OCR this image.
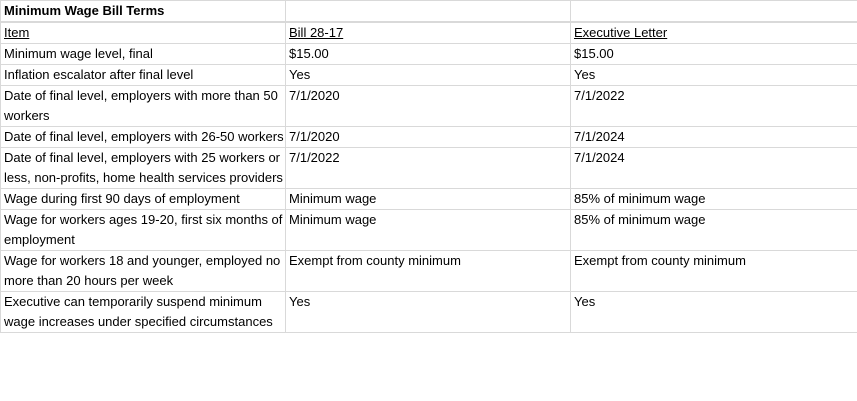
Minimum Wage Bill Terms		

Item	Bill 28-17	Executive Letter
Minimum wage level, final	$15.00	$15.00
Inflation escalator after final level	Yes	Yes
Date of final level, employers with more than 50 workers	7/1/2020	7/1/2022
Date of final level, employers with 26-50 workers	7/1/2020	7/1/2024
Date of final level, employers with 25 workers or less, non-profits, home health services providers	7/1/2022	7/1/2024
Wage during first 90 days of employment	Minimum wage	85% of minimum wage
Wage for workers ages 19-20, first six months of employment	Minimum wage	85% of minimum wage
Wage for workers 18 and younger, employed no more than 20 hours per week	Exempt from county minimum	Exempt from county minimum
Executive can temporarily suspend minimum wage increases under specified circumstances	Yes	Yes
